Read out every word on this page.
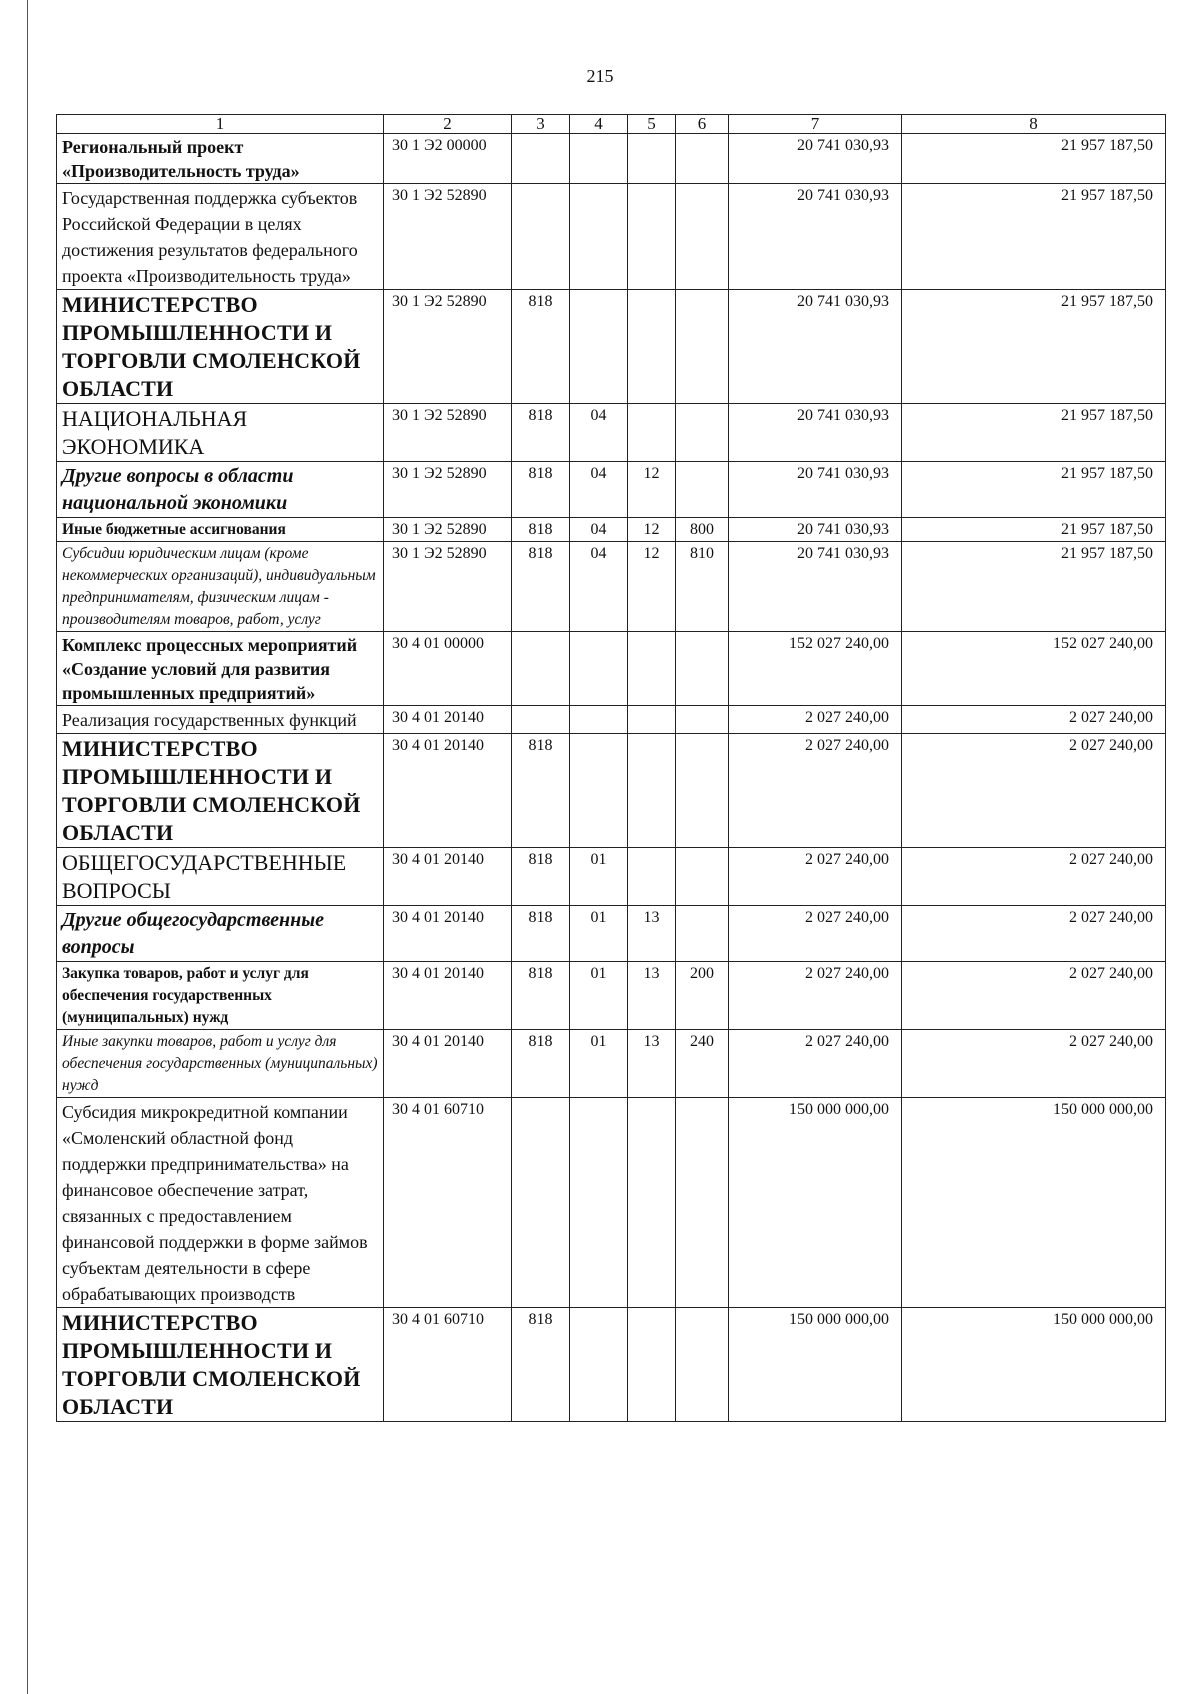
215
1	2	3	4	5	6	7	8
Региональный проект «Производительность труда»	30 1 Э2 00000					20 741 030,93	21 957 187,50
Государственная поддержка субъектов Российской Федерации в целях достижения результатов федерального проекта «Производительность труда»	30 1 Э2 52890					20 741 030,93	21 957 187,50
МИНИСТЕРСТВО ПРОМЫШЛЕННОСТИ И ТОРГОВЛИ СМОЛЕНСКОЙ ОБЛАСТИ	30 1 Э2 52890	818				20 741 030,93	21 957 187,50
НАЦИОНАЛЬНАЯ ЭКОНОМИКА	30 1 Э2 52890	818	04			20 741 030,93	21 957 187,50
Другие вопросы в области национальной экономики	30 1 Э2 52890	818	04	12		20 741 030,93	21 957 187,50
Иные бюджетные ассигнования	30 1 Э2 52890	818	04	12	800	20 741 030,93	21 957 187,50
Субсидии юридическим лицам (кроме некоммерческих организаций), индивидуальным предпринимателям, физическим лицам - производителям товаров, работ, услуг	30 1 Э2 52890	818	04	12	810	20 741 030,93	21 957 187,50
Комплекс процессных мероприятий «Создание условий для развития промышленных предприятий»	30 4 01 00000					152 027 240,00	152 027 240,00
Реализация государственных функций	30 4 01 20140					2 027 240,00	2 027 240,00
МИНИСТЕРСТВО ПРОМЫШЛЕННОСТИ И ТОРГОВЛИ СМОЛЕНСКОЙ ОБЛАСТИ	30 4 01 20140	818				2 027 240,00	2 027 240,00
ОБЩЕГОСУДАРСТВЕННЫЕ ВОПРОСЫ	30 4 01 20140	818	01			2 027 240,00	2 027 240,00
Другие общегосударственные вопросы	30 4 01 20140	818	01	13		2 027 240,00	2 027 240,00
Закупка товаров, работ и услуг для обеспечения государственных (муниципальных) нужд	30 4 01 20140	818	01	13	200	2 027 240,00	2 027 240,00
Иные закупки товаров, работ и услуг для обеспечения государственных (муниципальных) нужд	30 4 01 20140	818	01	13	240	2 027 240,00	2 027 240,00
Субсидия микрокредитной компании «Смоленский областной фонд поддержки предпринимательства» на финансовое обеспечение затрат, связанных с предоставлением финансовой поддержки в форме займов субъектам деятельности в сфере обрабатывающих производств	30 4 01 60710					150 000 000,00	150 000 000,00
МИНИСТЕРСТВО ПРОМЫШЛЕННОСТИ И ТОРГОВЛИ СМОЛЕНСКОЙ ОБЛАСТИ	30 4 01 60710	818				150 000 000,00	150 000 000,00
